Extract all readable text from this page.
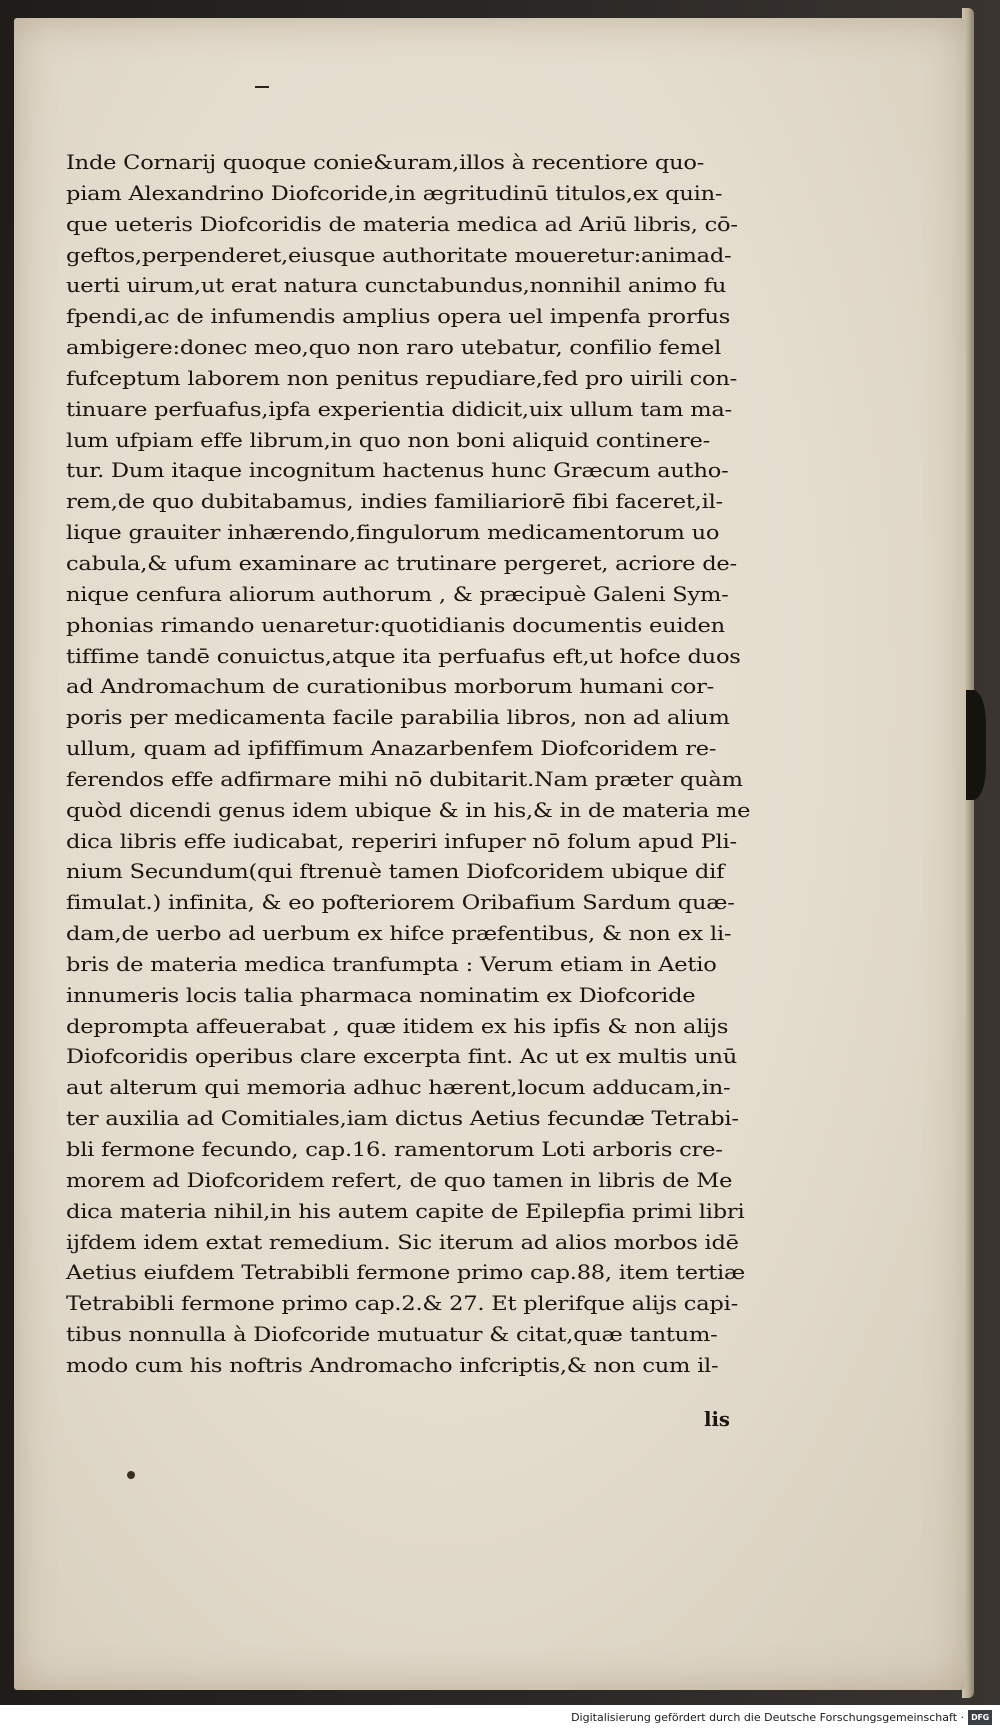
Inde Cornarij quoque conie&uram,illos à recentiore quo-
piam Alexandrino Diofcoride,in ægritudinū titulos,ex quin-
que ueteris Diofcoridis de materia medica ad Ariū libris, cō-
geftos,perpenderet,eiusque authoritate moueretur:animad-
uerti uirum,ut erat natura cunctabundus,nonnihil animo fu
fpendi,ac de infumendis amplius opera uel impenfa prorfus
ambigere:donec meo,quo non raro utebatur, confilio femel
fufceptum laborem non penitus repudiare,fed pro uirili con-
tinuare perfuafus,ipfa experientia didicit,uix ullum tam ma-
lum ufpiam effe librum,in quo non boni aliquid continere-
tur. Dum itaque incognitum hactenus hunc Græcum autho-
rem,de quo dubitabamus, indies familiariorē fibi faceret,il-
lique grauiter inhærendo,fingulorum medicamentorum uo
cabula,& ufum examinare ac trutinare pergeret, acriore de-
nique cenfura aliorum authorum , & præcipuè Galeni Sym-
phonias rimando uenaretur:quotidianis documentis euiden
tiffime tandē conuictus,atque ita perfuafus eft,ut hofce duos
ad Andromachum de curationibus morborum humani cor-
poris per medicamenta facile parabilia libros, non ad alium
ullum, quam ad ipfiffimum Anazarbenfem Diofcoridem re-
ferendos effe adfirmare mihi nō dubitarit.Nam præter quàm
quòd dicendi genus idem ubique & in his,& in de materia me
dica libris effe iudicabat, reperiri infuper nō folum apud Pli-
nium Secundum(qui ftrenuè tamen Diofcoridem ubique dif
fimulat.) infinita, & eo pofteriorem Oribafium Sardum quæ-
dam,de uerbo ad uerbum ex hifce præfentibus, & non ex li-
bris de materia medica tranfumpta : Verum etiam in Aetio
innumeris locis talia pharmaca nominatim ex Diofcoride
deprompta affeuerabat , quæ itidem ex his ipfis & non alijs
Diofcoridis operibus clare excerpta fint. Ac ut ex multis unū
aut alterum qui memoria adhuc hærent,locum adducam,in-
ter auxilia ad Comitiales,iam dictus Aetius fecundæ Tetrabi-
bli fermone fecundo, cap.16. ramentorum Loti arboris cre-
morem ad Diofcoridem refert, de quo tamen in libris de Me
dica materia nihil,in his autem capite de Epilepfia primi libri
ijfdem idem extat remedium. Sic iterum ad alios morbos idē
Aetius eiufdem Tetrabibli fermone primo cap.88, item tertiæ
Tetrabibli fermone primo cap.2.& 27. Et plerifque alijs capi-
tibus nonnulla à Diofcoride mutuatur & citat,quæ tantum-
modo cum his noftris Andromacho infcriptis,& non cum il-
lis
Digitalisierung gefördert durch die Deutsche Forschungsgemeinschaft · DFG
